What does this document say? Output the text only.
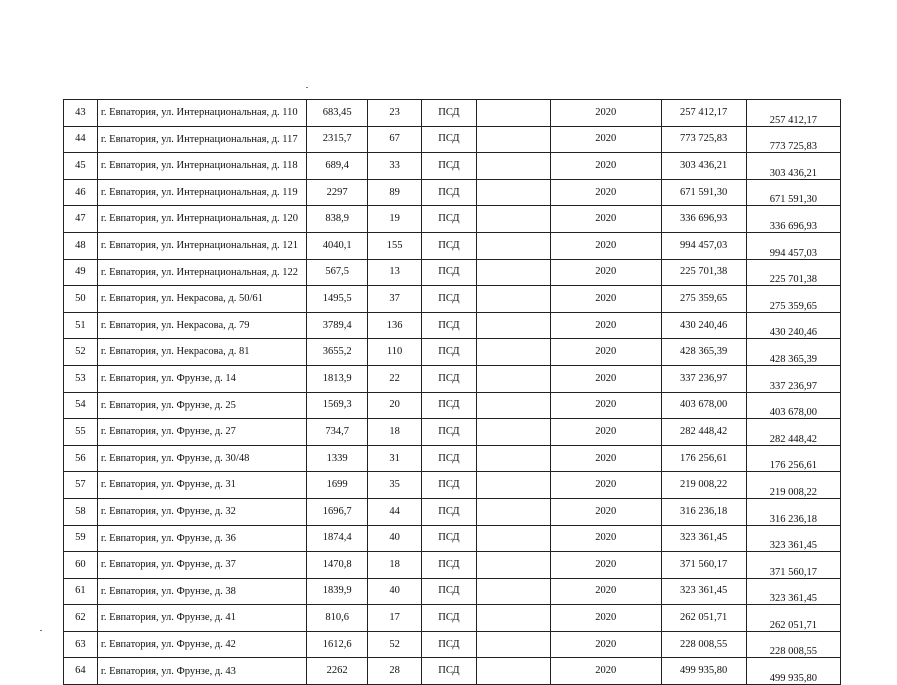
43	г. Евпатория, ул. Интернациональная, д. 110	683,45	23	ПСД		2020	257 412,17	257 412,17
44	г. Евпатория, ул. Интернациональная, д. 117	2315,7	67	ПСД		2020	773 725,83	773 725,83
45	г. Евпатория, ул. Интернациональная, д. 118	689,4	33	ПСД		2020	303 436,21	303 436,21
46	г. Евпатория, ул. Интернациональная, д. 119	2297	89	ПСД		2020	671 591,30	671 591,30
47	г. Евпатория, ул. Интернациональная, д. 120	838,9	19	ПСД		2020	336 696,93	336 696,93
48	г. Евпатория, ул. Интернациональная, д. 121	4040,1	155	ПСД		2020	994 457,03	994 457,03
49	г. Евпатория, ул. Интернациональная, д. 122	567,5	13	ПСД		2020	225 701,38	225 701,38
50	г. Евпатория, ул. Некрасова, д. 50/61	1495,5	37	ПСД		2020	275 359,65	275 359,65
51	г. Евпатория, ул. Некрасова, д. 79	3789,4	136	ПСД		2020	430 240,46	430 240,46
52	г. Евпатория, ул. Некрасова, д. 81	3655,2	110	ПСД		2020	428 365,39	428 365,39
53	г. Евпатория, ул. Фрунзе, д. 14	1813,9	22	ПСД		2020	337 236,97	337 236,97
54	г. Евпатория, ул. Фрунзе, д. 25	1569,3	20	ПСД		2020	403 678,00	403 678,00
55	г. Евпатория, ул. Фрунзе, д. 27	734,7	18	ПСД		2020	282 448,42	282 448,42
56	г. Евпатория, ул. Фрунзе, д. 30/48	1339	31	ПСД		2020	176 256,61	176 256,61
57	г. Евпатория, ул. Фрунзе, д. 31	1699	35	ПСД		2020	219 008,22	219 008,22
58	г. Евпатория, ул. Фрунзе, д. 32	1696,7	44	ПСД		2020	316 236,18	316 236,18
59	г. Евпатория, ул. Фрунзе, д. 36	1874,4	40	ПСД		2020	323 361,45	323 361,45
60	г. Евпатория, ул. Фрунзе, д. 37	1470,8	18	ПСД		2020	371 560,17	371 560,17
61	г. Евпатория, ул. Фрунзе, д. 38	1839,9	40	ПСД		2020	323 361,45	323 361,45
62	г. Евпатория, ул. Фрунзе, д. 41	810,6	17	ПСД		2020	262 051,71	262 051,71
63	г. Евпатория, ул. Фрунзе, д. 42	1612,6	52	ПСД		2020	228 008,55	228 008,55
64	г. Евпатория, ул. Фрунзе, д. 43	2262	28	ПСД		2020	499 935,80	499 935,80
